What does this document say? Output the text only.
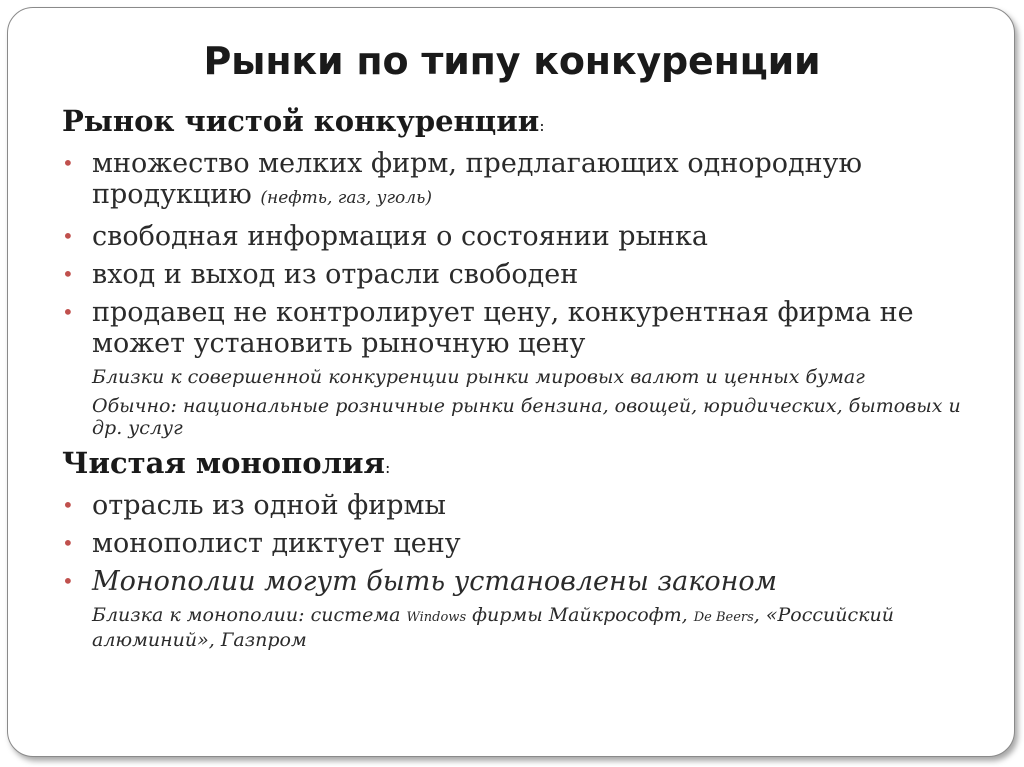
Рынки по типу конкуренции
Рынок чистой конкуренции:
• множество мелких фирм, предлагающих однородную продукцию (нефть, газ, уголь)
• свободная информация о состоянии рынка
• вход и выход из отрасли свободен
• продавец не контролирует цену, конкурентная фирма не может установить рыночную цену
Близки к совершенной конкуренции рынки мировых валют и ценных бумаг
Обычно: национальные розничные рынки бензина, овощей, юридических, бытовых и др. услуг
Чистая монополия:
• отрасль из одной фирмы
• монополист диктует цену
• Монополии могут быть установлены законом
Близка к монополии: система Windows фирмы Майкрософт, De Beers, «Российский алюминий», Газпром
